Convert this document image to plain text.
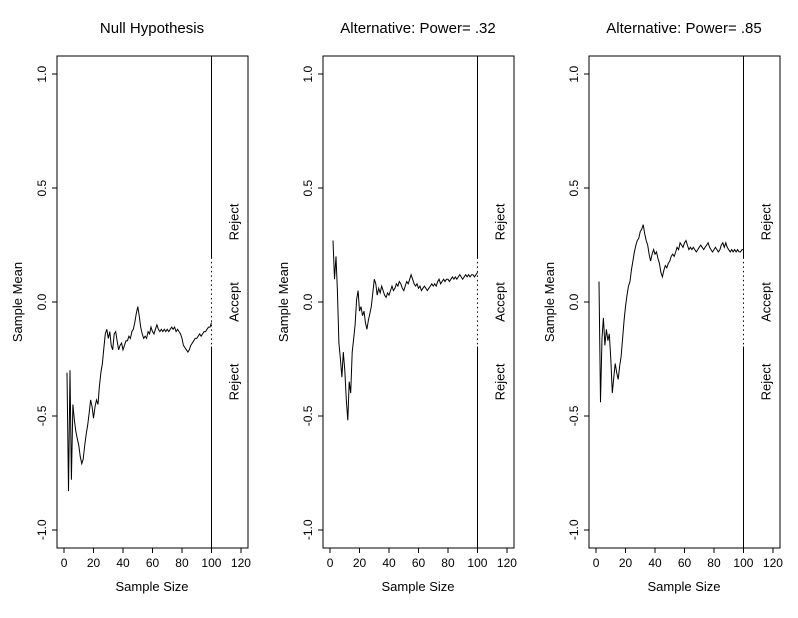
Null Hypothesis
0 20 40 60 80 100 120
-1.0
-0.5
0.0
0.5
1.0
Sample Size
Sample Mean
Reject
Accept
Reject
Alternative: Power= .32
0 20 40 60 80 100 120
-1.0
-0.5
0.0
0.5
1.0
Sample Size
Sample Mean
Reject
Accept
Reject
Alternative: Power= .85
0 20 40 60 80 100 120
-1.0
-0.5
0.0
0.5
1.0
Sample Size
Sample Mean
Reject
Accept
Reject
